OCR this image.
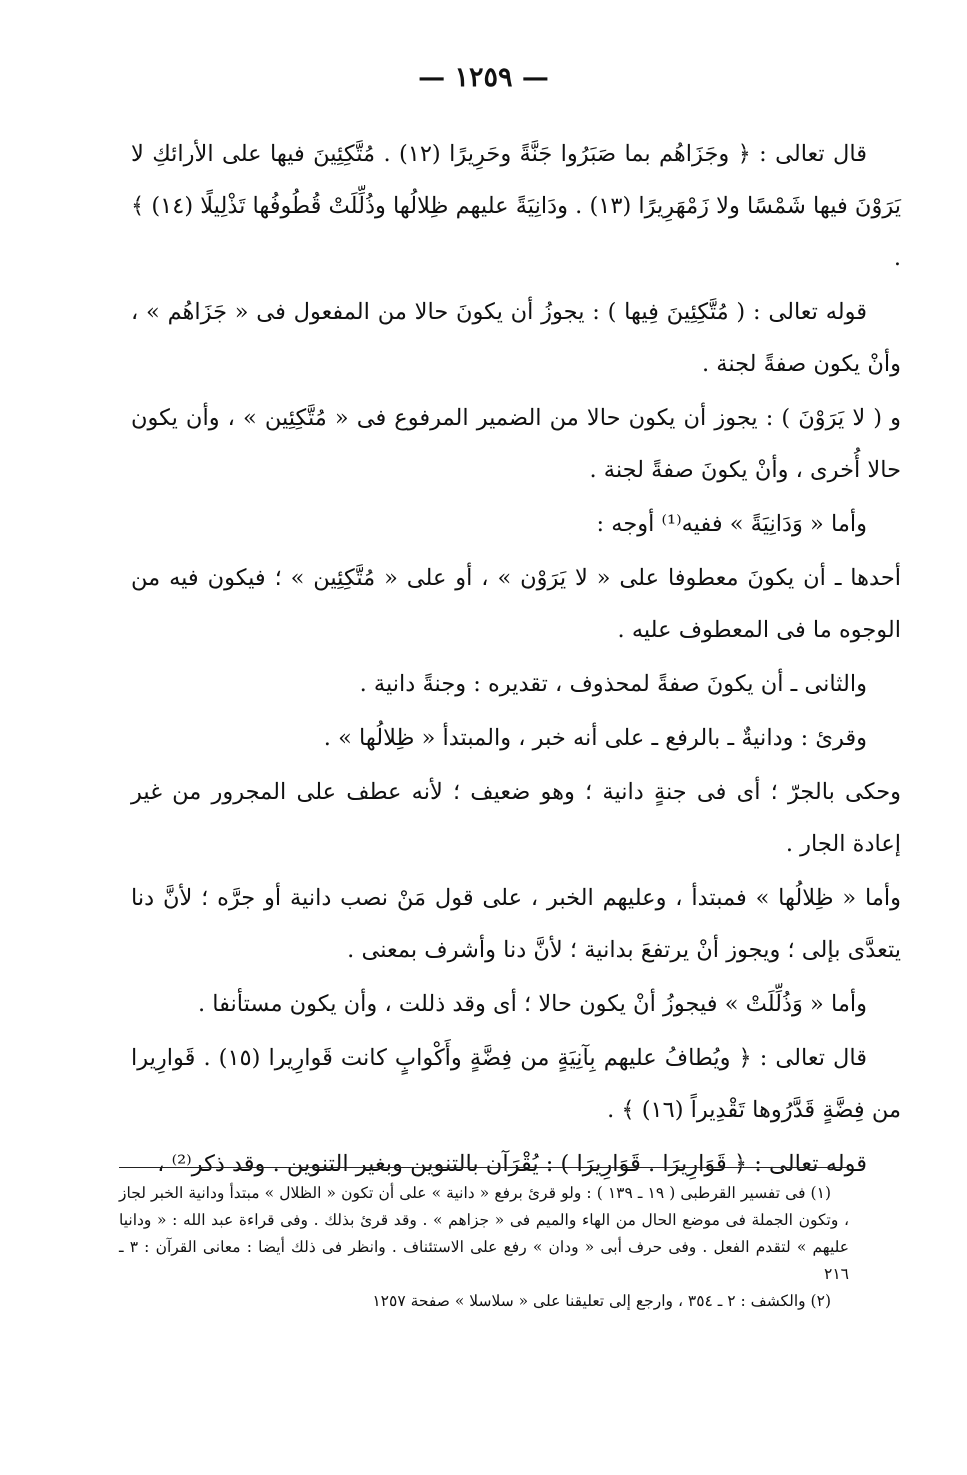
— ١٢٥٩ —

قال تعالى : ﴿ وجَزَاهُم بما صَبَرُوا جَنَّةً وحَرِيرًا (١٢) . مُتَّكِئِينَ فيها على الأرائكِ لا يَرَوْنَ فيها شَمْسًا ولا زَمْهَرِيرًا (١٣) . ودَانِيَةً عليهم ظِلالُها وذُلِّلَتْ قُطُوفُها تَذْلِيلًا (١٤) ﴾ .

قوله تعالى : ( مُتَّكِئِينَ فِيها ) : يجوزُ أن يكونَ حالا من المفعول فى « جَزَاهُم » ، وأنْ يكون صفةً لجنة .

و ( لا يَرَوْنَ ) : يجوز أن يكون حالا من الضمير المرفوع فى « مُتَّكِئِين » ، وأن يكون حالا أُخرى ، وأنْ يكونَ صفةً لجنة .

وأما « وَدَانِيَةً » ففيه⁽¹⁾ أوجه :

أحدها ـ أن يكونَ معطوفا على « لا يَرَوْن » ، أو على « مُتَّكِئِين » ؛ فيكون فيه من الوجوه ما فى المعطوف عليه .

والثانى ـ أن يكونَ صفةً لمحذوف ، تقديره : وجنةً دانية .

وقرئ : ودانيةٌ ـ بالرفع ـ على أنه خبر ، والمبتدأ « ظِلالُها » .

وحكى بالجرّ ؛ أى فى جنةٍ دانية ؛ وهو ضعيف ؛ لأنه عطف على المجرور من غير إعادة الجار .

وأما « ظِلالُها » فمبتدأ ، وعليهم الخبر ، على قول مَنْ نصب دانية أو جرَّه ؛ لأنَّ دنا يتعدَّى بإلى ؛ ويجوز أنْ يرتفعَ بدانية ؛ لأنَّ دنا وأشرف بمعنى .

وأما « وَذُلِّلَتْ » فيجوزُ أنْ يكون حالا ؛ أى وقد ذللت ، وأن يكون مستأنفا .

قال تعالى : ﴿ ويُطافُ عليهم بِآنِيَةٍ من فِضَّةٍ وأَكْوابٍ كانت قَوارِيرا (١٥) . قَوارِيرا من فِضَّةٍ قَدَّرُوها تَقْدِيراً (١٦) ﴾ .

قوله تعالى : ﴿ قَوَارِيرَا . قَوَارِيرَا ) : يُقْرَآن بالتنوين وبغير التنوين . وقد ذكر⁽²⁾ ،

(١) فى تفسير القرطبى ( ١٩ ـ ١٣٩ ) : ولو قرئ برفع « دانية » على أن تكون « الظلال » مبتدأ ودانية الخبر لجاز ، وتكون الجملة فى موضع الحال من الهاء والميم فى « جزاهم » . وقد قرئ بذلك . وفى قراءة عبد الله : « ودانيا عليهم » لتقدم الفعل . وفى حرف أبى « ودان » رفع على الاستئناف . وانظر فى ذلك أيضا : معانى القرآن : ٣ ـ ٢١٦

(٢) والكشف : ٢ ـ ٣٥٤ ، وارجع إلى تعليقنا على « سلاسلا » صفحة ١٢٥٧
